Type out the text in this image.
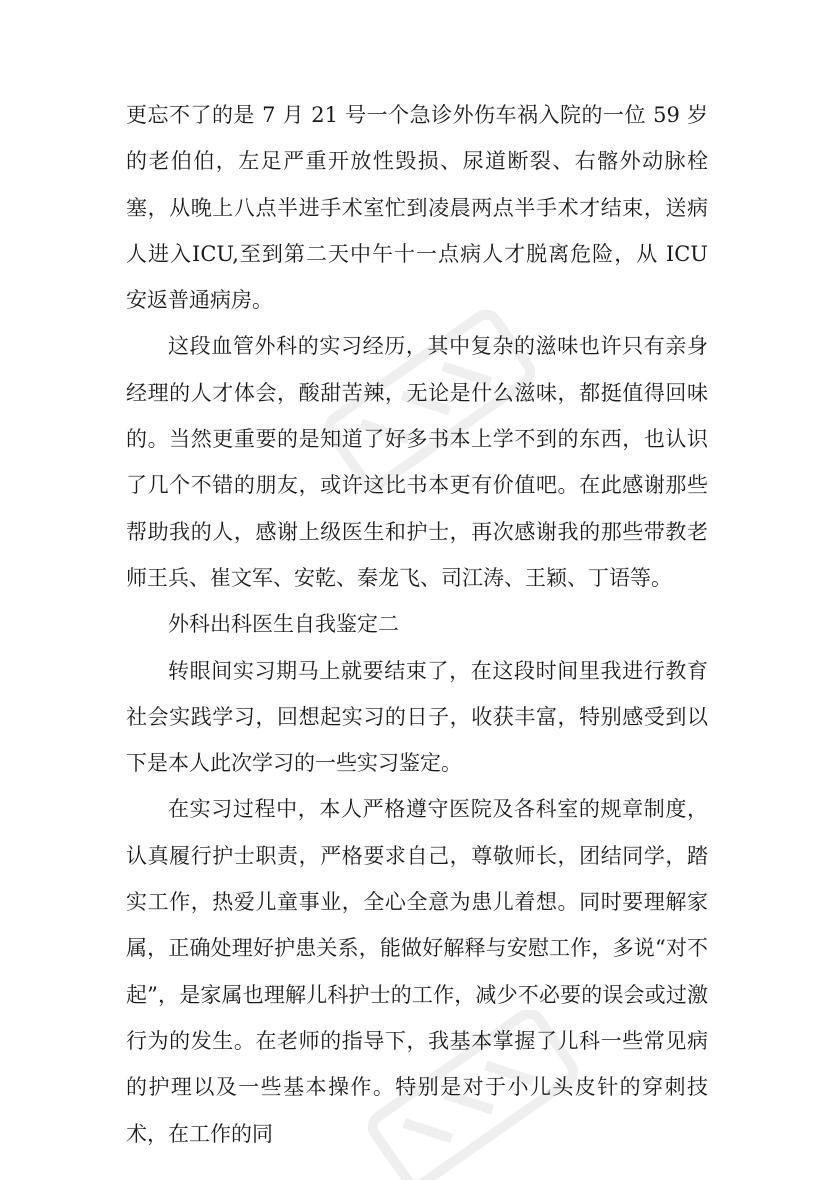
更忘不了的是 7 月 21 号一个急诊外伤车祸入院的一位 59 岁的老伯伯，左足严重开放性毁损、尿道断裂、右髂外动脉栓塞，从晚上八点半进手术室忙到凌晨两点半手术才结束，送病人进入ICU,至到第二天中午十一点病人才脱离危险，从 ICU 安返普通病房。

这段血管外科的实习经历，其中复杂的滋味也许只有亲身经理的人才体会，酸甜苦辣，无论是什么滋味，都挺值得回味的。当然更重要的是知道了好多书本上学不到的东西，也认识了几个不错的朋友，或许这比书本更有价值吧。在此感谢那些帮助我的人，感谢上级医生和护士，再次感谢我的那些带教老师王兵、崔文军、安乾、秦龙飞、司江涛、王颖、丁语等。

外科出科医生自我鉴定二

转眼间实习期马上就要结束了，在这段时间里我进行教育社会实践学习，回想起实习的日子，收获丰富，特别感受到以下是本人此次学习的一些实习鉴定。

在实习过程中，本人严格遵守医院及各科室的规章制度，认真履行护士职责，严格要求自己，尊敬师长，团结同学，踏实工作，热爱儿童事业，全心全意为患儿着想。同时要理解家属，正确处理好护患关系，能做好解释与安慰工作，多说“对不起”，是家属也理解儿科护士的工作，减少不必要的误会或过激行为的发生。在老师的指导下，我基本掌握了儿科一些常见病的护理以及一些基本操作。特别是对于小儿头皮针的穿刺技术，在工作的同
